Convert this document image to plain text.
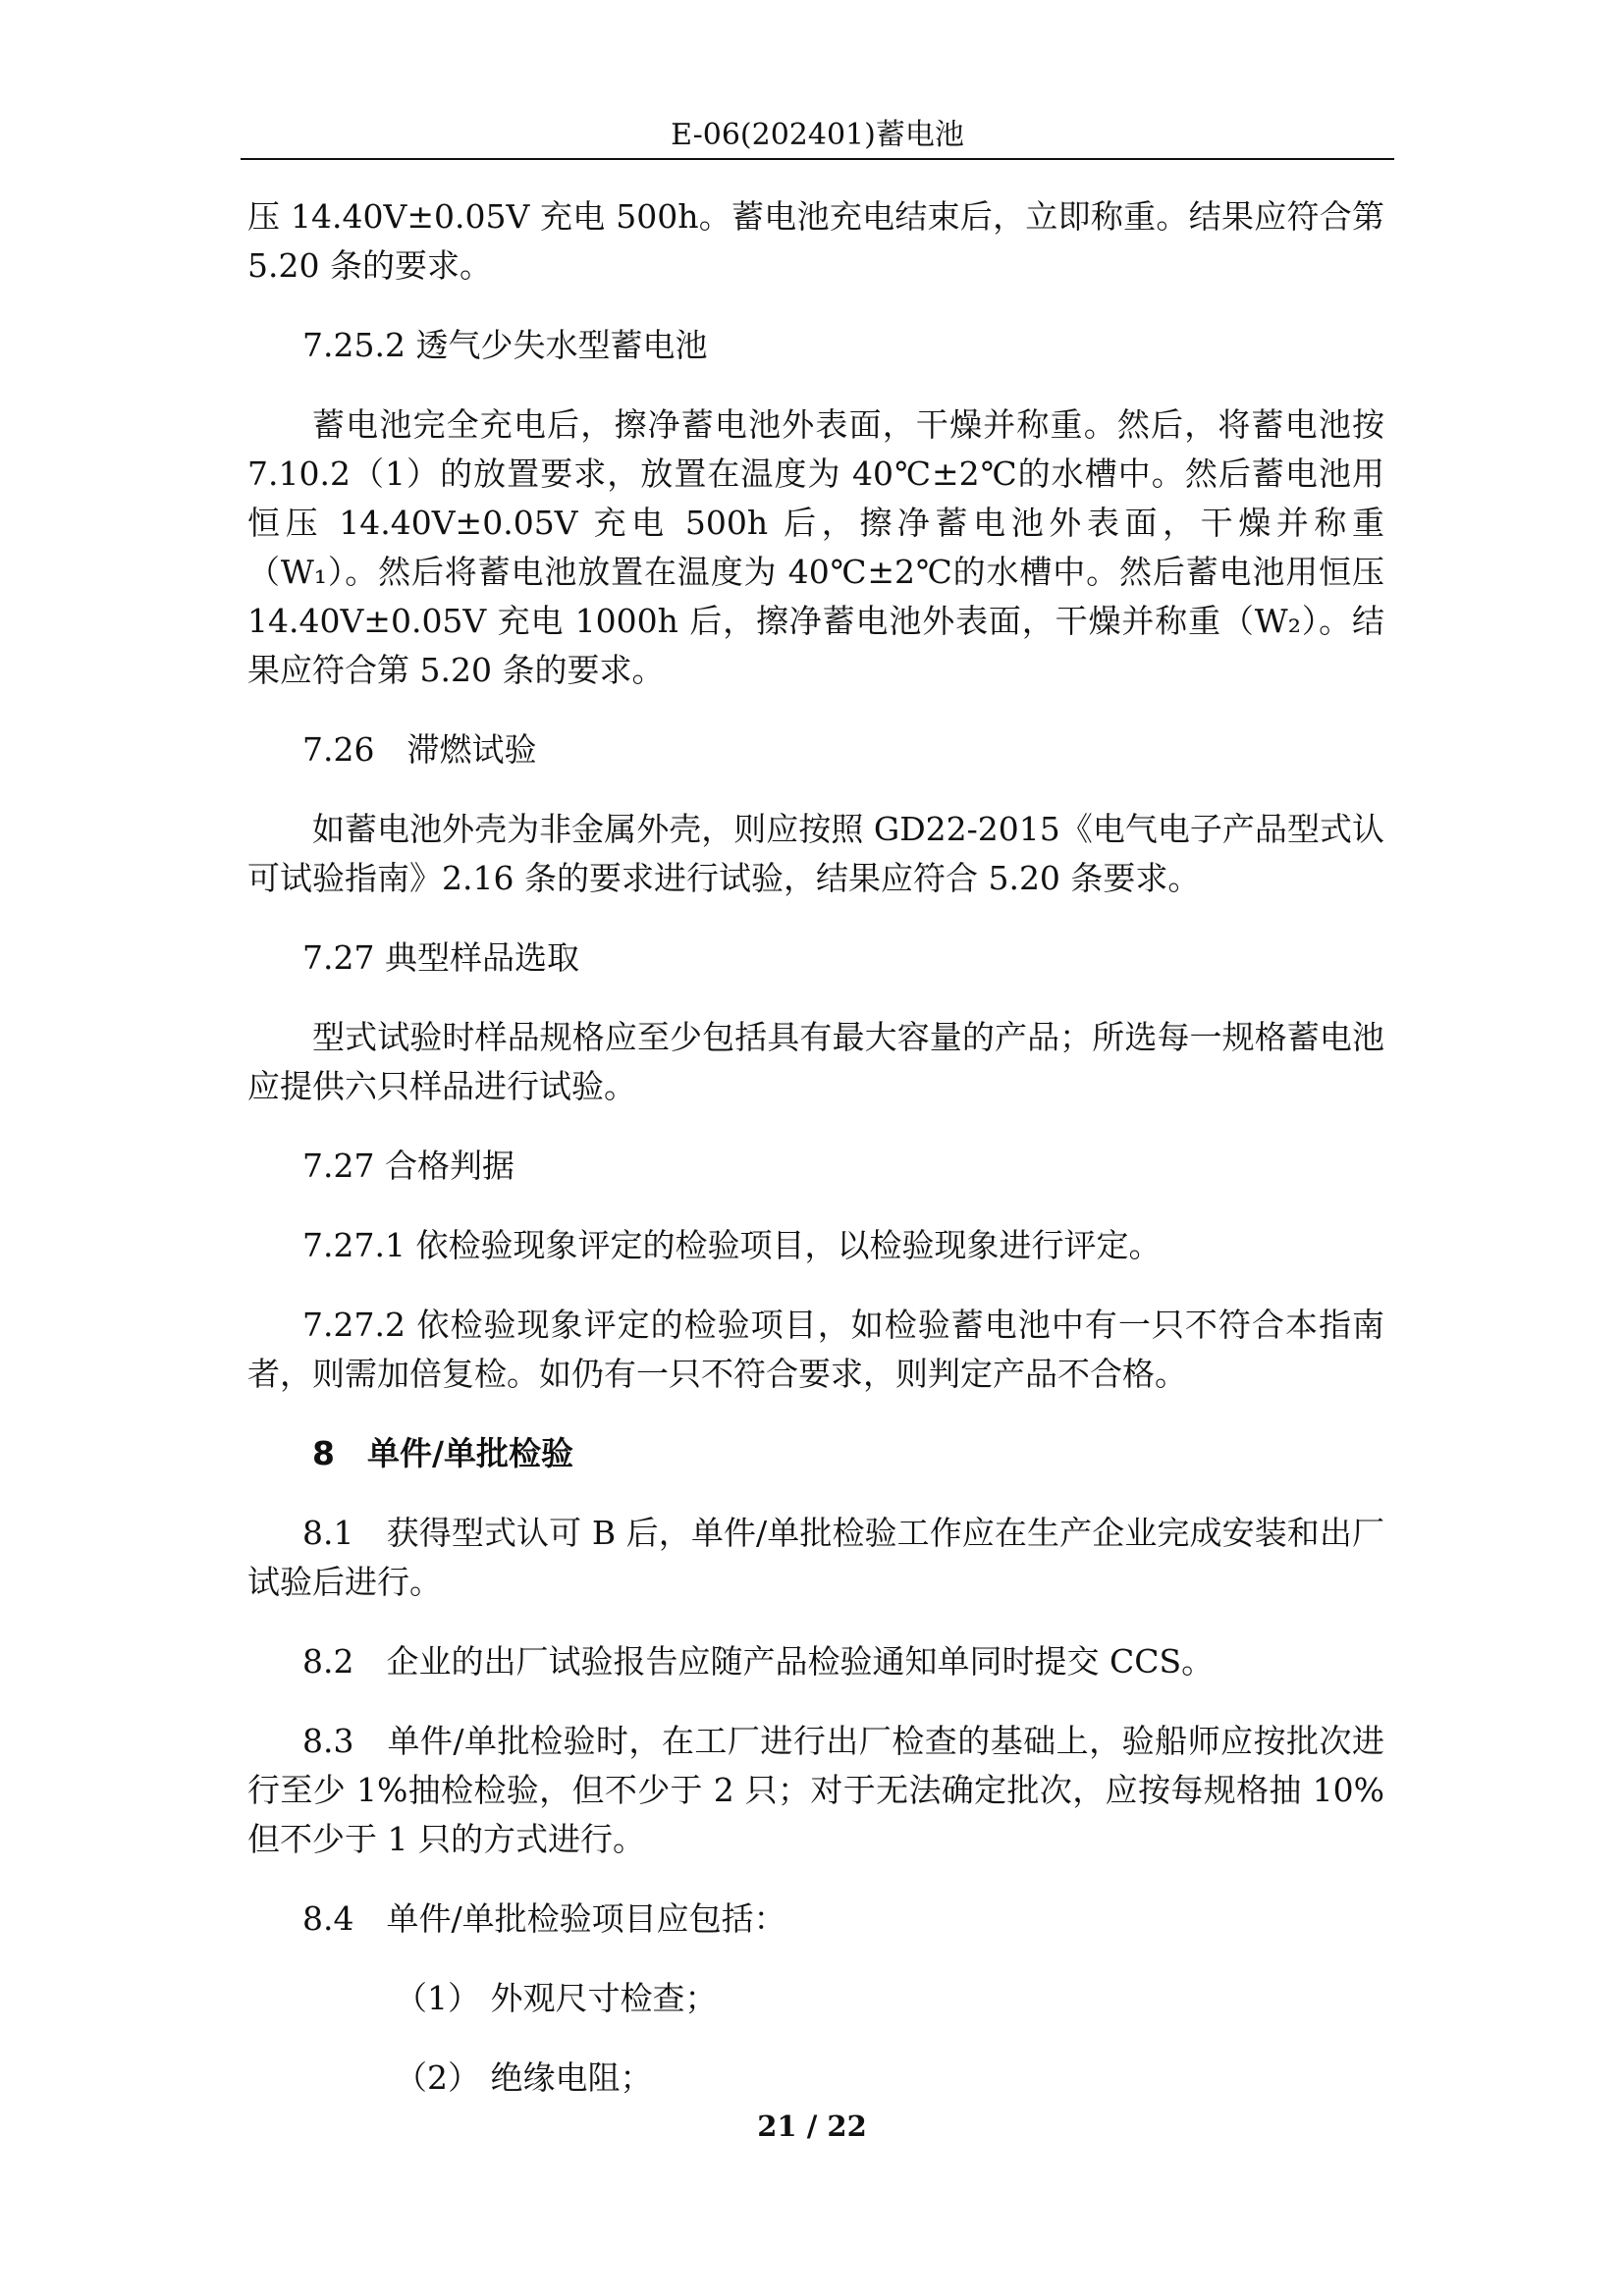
E-06(202401)蓄电池

压 14.40V±0.05V 充电 500h。蓄电池充电结束后，立即称重。结果应符合第 5.20 条的要求。

7.25.2 透气少失水型蓄电池

蓄电池完全充电后，擦净蓄电池外表面，干燥并称重。然后，将蓄电池按 7.10.2（1）的放置要求，放置在温度为 40℃±2℃的水槽中。然后蓄电池用恒压 14.40V±0.05V 充电 500h 后，擦净蓄电池外表面，干燥并称重（W₁）。然后将蓄电池放置在温度为 40℃±2℃的水槽中。然后蓄电池用恒压 14.40V±0.05V 充电 1000h 后，擦净蓄电池外表面，干燥并称重（W₂）。结果应符合第 5.20 条的要求。

7.26　滞燃试验

如蓄电池外壳为非金属外壳，则应按照 GD22-2015《电气电子产品型式认可试验指南》2.16 条的要求进行试验，结果应符合 5.20 条要求。

7.27 典型样品选取

型式试验时样品规格应至少包括具有最大容量的产品；所选每一规格蓄电池应提供六只样品进行试验。

7.27 合格判据

7.27.1 依检验现象评定的检验项目，以检验现象进行评定。

7.27.2 依检验现象评定的检验项目，如检验蓄电池中有一只不符合本指南者，则需加倍复检。如仍有一只不符合要求，则判定产品不合格。

8　单件/单批检验

8.1　获得型式认可 B 后，单件/单批检验工作应在生产企业完成安装和出厂试验后进行。

8.2　企业的出厂试验报告应随产品检验通知单同时提交 CCS。

8.3　单件/单批检验时，在工厂进行出厂检查的基础上，验船师应按批次进行至少 1%抽检检验，但不少于 2 只；对于无法确定批次，应按每规格抽 10%但不少于 1 只的方式进行。

8.4　单件/单批检验项目应包括：

（1） 外观尺寸检查；

（2） 绝缘电阻；

21 / 22
